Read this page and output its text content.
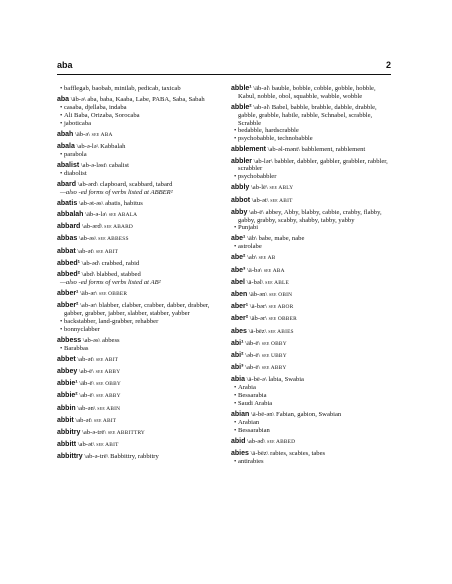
aba	2
• bafflegab, baobab, minilab, pedicab, taxicab
aba \äb-ə\ aba, baba, Kaaba, Labe, PABA, Saba, Sabah
• casaba, djellaba, indaba
• Ali Baba, Orizaba, Sorocaba
• jaboticaba
abah \äb-ə\ see ABA
abala \ab-ə-lə\ Kabbalah
• parabola
abalist \ab-ə-ləst\ cabalist
• diabolist
abard \ab-ərd\ clapboard, scabbard, tabard
—also -ed forms of verbs listed at ABBER²
abatis \ab-ət-əs\ abatis, habitus
abbalah \äb-ə-lə\ see ABALA
abbard \ab-ərd\ see ABARD
abbas \ab-əs\ see ABBESS
abbat \ab-ət\ see ABIT
abbed¹ \ab-əd\ crabbed, rabid
abbed² \abd\ blabbed, stabbed
—also -ed forms of verbs listed at AB²
abber¹ \äb-ər\ see OBBER
abber² \ab-ər\ blabber, clabber, crabber, dabber, drabber, gabber, grabber, jabber, slabber, stabber, yabber
• backstabber, land-grabber, rehabber
• bonnyclabber
abbess \ab-əs\ abbess
• Barabbas
abbet \ab-ət\ see ABIT
abbey \ab-ē\ see ABBY
abbie¹ \äb-ē\ see OBBY
abbie² \ab-ē\ see ABBY
abbin \ab-ən\ see ABIN
abbit \ab-ət\ see ABIT
abbitry \ab-ə-trē\ see ABBITTRY
abbitt \ab-ət\ see ABIT
abbittry \ab-ə-trē\ Babbittry, rabbitry
abble¹ \äb-əl\ bauble, bobble, cobble, gobble, hobble, Kabul, nobble, obol, squabble, wabble, wobble
abble² \ab-əl\ Babel, babble, brabble, dabble, drabble, gabble, grabble, habile, rabble, Schnabel, scrabble, Scrabble
• bedabble, hardscrabble
• psychobabble, technobabble
abblement \ab-əl-mənt\ babblement, rabblement
abbler \ab-lər\ babbler, dabbler, gabbler, grabbler, rabbler, scrabbler
• psychobabbler
abbly \ab-lē\ see ABLY
abbot \ab-ət\ see ABIT
abby \ab-ē\ abbey, Abby, blabby, cabbie, crabby, flabby, gabby, grabby, scabby, shabby, tabby, yabby
• Punjabi
abe¹ \āb\ babe, mabe, nabe
• astrolabe
abe² \ab\ see AB
abe³ \ä-bə\ see ABA
abel \ā-bəl\ see ABLE
aben \äb-ən\ see OBIN
aber¹ \ā-bər\ see ABOR
aber² \äb-ər\ see OBBER
abes \ā-bēz\ see ABIES
abi¹ \äb-ē\ see OBBY
abi² \əb-ē\ see UBBY
abi³ \ab-ē\ see ABBY
abia \ā-bē-ə\ labia, Swabia
• Arabia
• Bessarabia
• Saudi Arabia
abian \ā-bē-ən\ Fabian, gabion, Swabian
• Arabian
• Bessarabian
abid \ab-əd\ see ABBED
abies \ā-bēz\ rabies, scabies, tabes
• antirabies
